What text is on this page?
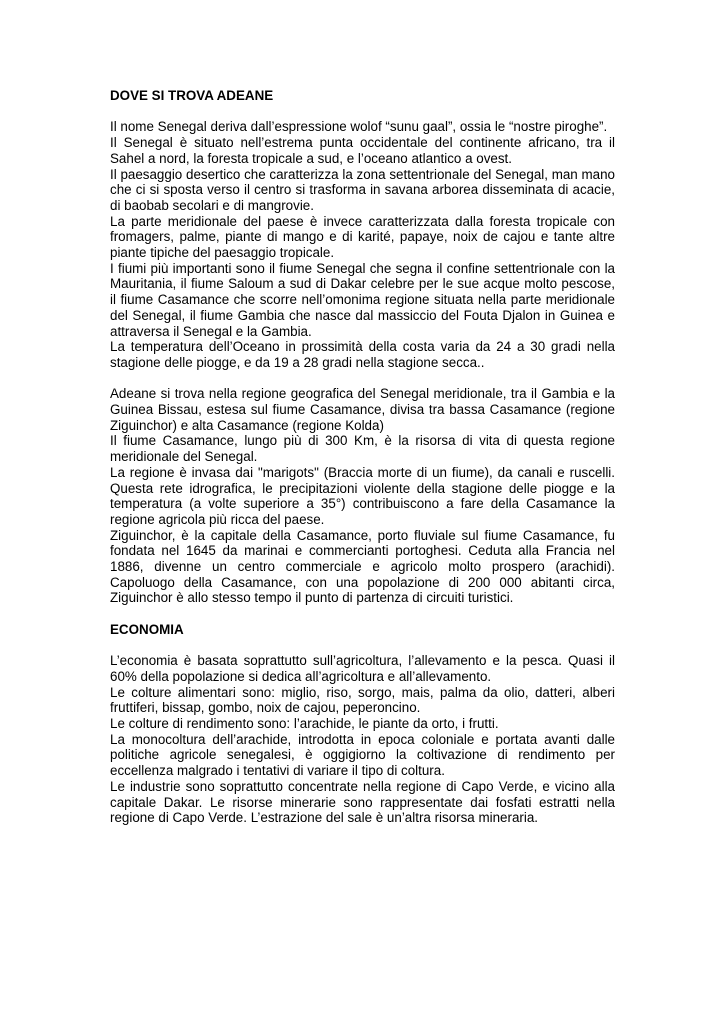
DOVE SI TROVA ADEANE

Il nome Senegal deriva dall’espressione wolof “sunu gaal”, ossia le “nostre piroghe”.

Il Senegal è situato nell’estrema punta occidentale del continente africano, tra il Sahel a nord, la foresta tropicale a sud, e l’oceano atlantico a ovest.

Il paesaggio desertico che caratterizza la zona settentrionale del Senegal, man mano che ci si sposta verso il centro si trasforma in savana arborea disseminata di acacie, di baobab secolari e di mangrovie.

La parte meridionale del paese è invece caratterizzata dalla foresta tropicale con fromagers, palme, piante di mango e di karité, papaye, noix de cajou e tante altre piante tipiche del paesaggio tropicale.

I fiumi più importanti sono il fiume Senegal che segna il confine settentrionale con la Mauritania, il fiume Saloum a sud di Dakar celebre per le sue acque molto pescose, il fiume Casamance che scorre nell’omonima regione situata nella parte meridionale del Senegal, il fiume Gambia che nasce dal massiccio del Fouta Djalon in Guinea e attraversa il Senegal e la Gambia.

La temperatura dell’Oceano in prossimità della costa varia da 24 a 30 gradi nella stagione delle piogge, e da 19 a 28 gradi nella stagione secca..

Adeane si trova nella regione geografica del Senegal meridionale, tra il Gambia e la Guinea Bissau, estesa sul fiume Casamance, divisa tra bassa Casamance (regione Ziguinchor) e alta Casamance (regione Kolda)

Il fiume Casamance, lungo più di 300 Km, è la risorsa di vita di questa regione meridionale del Senegal.

La regione è invasa dai "marigots" (Braccia morte di un fiume), da canali e ruscelli. Questa rete idrografica, le precipitazioni violente della stagione delle piogge e la temperatura (a volte superiore a 35°) contribuiscono a fare della Casamance la regione agricola più ricca del paese.

Ziguinchor, è la capitale della Casamance, porto fluviale sul fiume Casamance, fu fondata nel 1645 da marinai e commercianti portoghesi. Ceduta alla Francia nel 1886, divenne un centro commerciale e agricolo molto prospero (arachidi). Capoluogo della Casamance, con una popolazione di 200 000 abitanti circa, Ziguinchor è allo stesso tempo il punto di partenza di circuiti turistici.

ECONOMIA

L’economia è basata soprattutto sull’agricoltura, l’allevamento e la pesca. Quasi il 60% della popolazione si dedica all’agricoltura e all’allevamento.

Le colture alimentari sono: miglio, riso, sorgo, mais, palma da olio, datteri, alberi fruttiferi, bissap, gombo, noix de cajou, peperoncino.

Le colture di rendimento sono: l’arachide, le piante da orto, i frutti.

La monocoltura dell’arachide, introdotta in epoca coloniale e portata avanti dalle politiche agricole senegalesi, è oggigiorno la coltivazione di rendimento per eccellenza malgrado i tentativi di variare il tipo di coltura.

Le industrie sono soprattutto concentrate nella regione di Capo Verde, e vicino alla capitale Dakar. Le risorse minerarie sono rappresentate dai fosfati estratti nella regione di Capo Verde. L’estrazione del sale è un’altra risorsa mineraria.
